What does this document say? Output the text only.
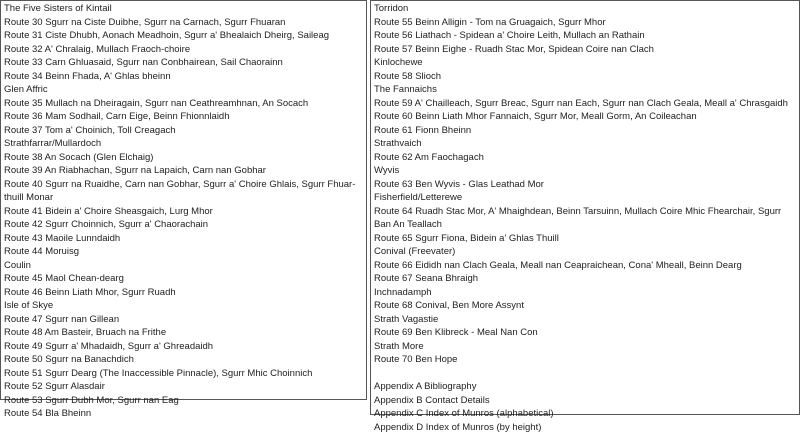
The Five Sisters of Kintail
Route 30 Sgurr na Ciste Duibhe, Sgurr na Carnach, Sgurr Fhuaran
Route 31 Ciste Dhubh, Aonach Meadhoin, Sgurr a' Bhealaich Dheirg, Saileag
Route 32 A' Chralaig, Mullach Fraoch-choire
Route 33 Carn Ghluasaid, Sgurr nan Conbhairean, Sail Chaorainn
Route 34 Beinn Fhada, A' Ghlas bheinn
Glen Affric
Route 35 Mullach na Dheiragain, Sgurr nan Ceathreamhnan, An Socach
Route 36 Mam Sodhail, Carn Eige, Beinn Fhionnlaidh
Route 37 Tom a' Choinich, Toll Creagach
Strathfarrar/Mullardoch
Route 38 An Socach (Glen Elchaig)
Route 39 An Riabhachan, Sgurr na Lapaich, Carn nan Gobhar
Route 40 Sgurr na Ruaidhe, Carn nan Gobhar, Sgurr a' Choire Ghlais, Sgurr Fhuar-thuill Monar
Route 41 Bidein a' Choire Sheasgaich, Lurg Mhor
Route 42 Sgurr Choinnich, Sgurr a' Chaorachain
Route 43 Maoile Lunndaidh
Route 44 Moruisg
Coulin
Route 45 Maol Chean-dearg
Route 46 Beinn Liath Mhor, Sgurr Ruadh
Isle of Skye
Route 47 Sgurr nan Gillean
Route 48 Am Basteir, Bruach na Frithe
Route 49 Sgurr a' Mhadaidh, Sgurr a' Ghreadaidh
Route 50 Sgurr na Banachdich
Route 51 Sgurr Dearg (The Inaccessible Pinnacle), Sgurr Mhic Choinnich
Route 52 Sgurr Alasdair
Route 53 Sgurr Dubh Mor, Sgurr nan Eag
Route 54 Bla Bheinn
Torridon
Route 55 Beinn Alligin - Tom na Gruagaich, Sgurr Mhor
Route 56 Liathach - Spidean a' Choire Leith, Mullach an Rathain
Route 57 Beinn Eighe - Ruadh Stac Mor, Spidean Coire nan Clach
Kinlochewe
Route 58 Slioch
The Fannaichs
Route 59 A' Chailleach, Sgurr Breac, Sgurr nan Each, Sgurr nan Clach Geala, Meall a' Chrasgaidh
Route 60 Beinn Liath Mhor Fannaich, Sgurr Mor, Meall Gorm, An Coileachan
Route 61 Fionn Bheinn
Strathvaich
Route 62 Am Faochagach
Wyvis
Route 63 Ben Wyvis - Glas Leathad Mor
Fisherfield/Letterewe
Route 64 Ruadh Stac Mor, A' Mhaighdean, Beinn Tarsuinn, Mullach Coire Mhic Fhearchair, Sgurr Ban An Teallach
Route 65 Sgurr Fiona, Bidein a' Ghlas Thuill
Conival (Freevater)
Route 66 Eididh nan Clach Geala, Meall nan Ceapraichean, Cona' Mheall, Beinn Dearg
Route 67 Seana Bhraigh
Inchnadamph
Route 68 Conival, Ben More Assynt
Strath Vagastie
Route 69 Ben Klibreck - Meal Nan Con
Strath More
Route 70 Ben Hope
Appendix A Bibliography
Appendix B Contact Details
Appendix C Index of Munros (alphabetical)
Appendix D Index of Munros (by height)
